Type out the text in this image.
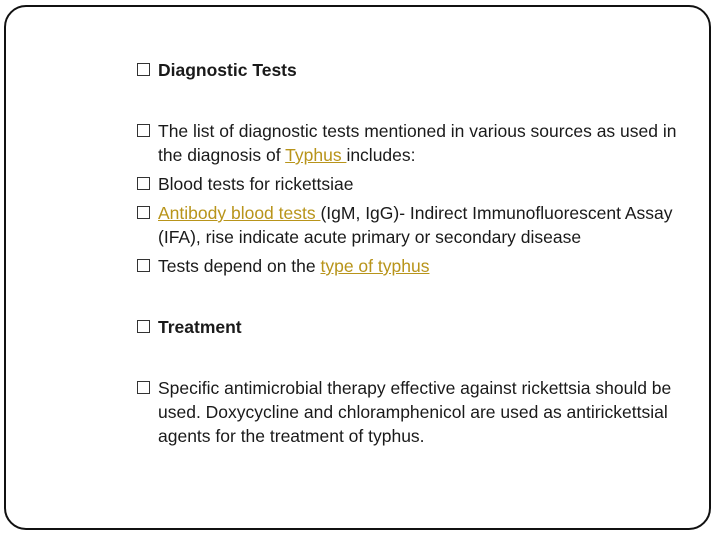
Diagnostic Tests
The list of diagnostic tests mentioned in various sources as used in the diagnosis of Typhus includes:
Blood tests for rickettsiae
Antibody blood tests (IgM, IgG)- Indirect Immunofluorescent Assay (IFA), rise indicate acute primary or secondary disease
Tests depend on the type of typhus
Treatment
Specific antimicrobial therapy effective against rickettsia should be used. Doxycycline and chloramphenicol are used as antirickettsial agents for the treatment of typhus.
